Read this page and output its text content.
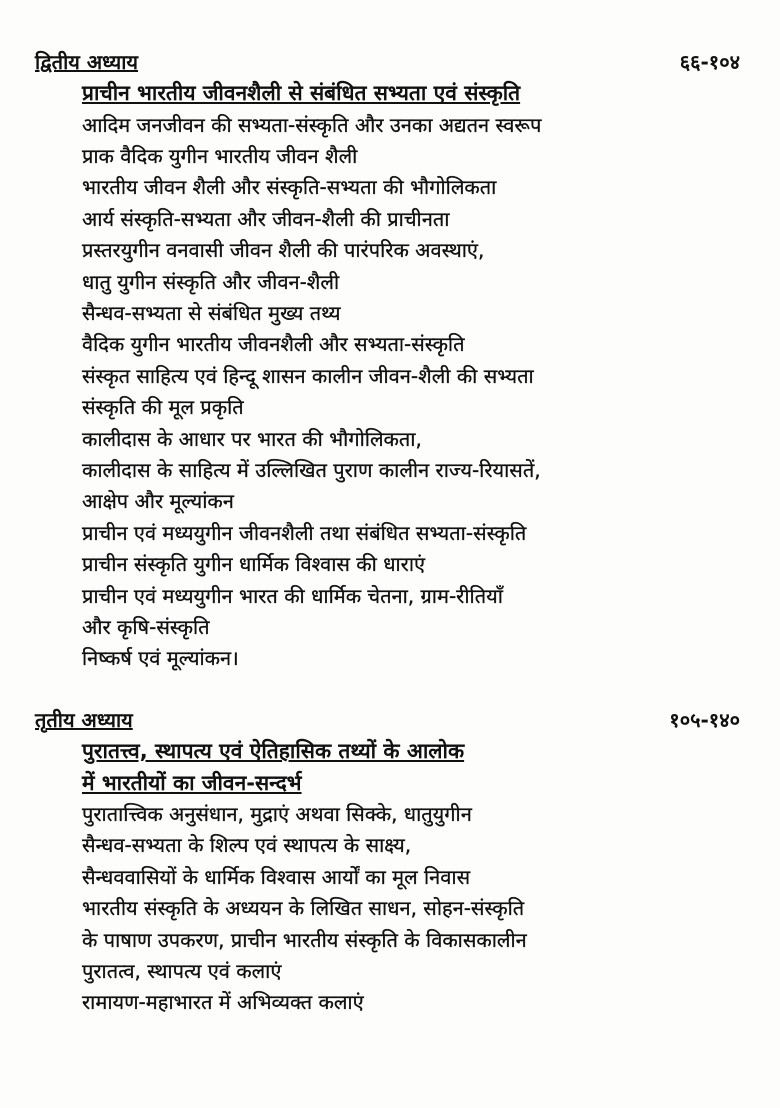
द्वितीय अध्याय	६६-१०४
प्राचीन भारतीय जीवनशैली से संबंधित सभ्यता एवं संस्कृति
आदिम जनजीवन की सभ्यता-संस्कृति और उनका अद्यतन स्वरूप
प्राक वैदिक युगीन भारतीय जीवन शैली
भारतीय जीवन शैली और संस्कृति-सभ्यता की भौगोलिकता
आर्य संस्कृति-सभ्यता और जीवन-शैली की प्राचीनता
प्रस्तरयुगीन वनवासी जीवन शैली की पारंपरिक अवस्थाएं,
धातु युगीन संस्कृति और जीवन-शैली
सैन्धव-सभ्यता से संबंधित मुख्य तथ्य
वैदिक युगीन भारतीय जीवनशैली और सभ्यता-संस्कृति
संस्कृत साहित्य एवं हिन्दू शासन कालीन जीवन-शैली की सभ्यता
संस्कृति की मूल प्रकृति
कालीदास के आधार पर भारत की भौगोलिकता,
कालीदास के साहित्य में उल्लिखित पुराण कालीन राज्य-रियासतें,
आक्षेप और मूल्यांकन
प्राचीन एवं मध्ययुगीन जीवनशैली तथा संबंधित सभ्यता-संस्कृति
प्राचीन संस्कृति युगीन धार्मिक विश्वास की धाराएं
प्राचीन एवं मध्ययुगीन भारत की धार्मिक चेतना, ग्राम-रीतियाँ
और कृषि-संस्कृति
निष्कर्ष एवं मूल्यांकन।
तृतीय अध्याय	१०५-१४०
पुरातत्त्व, स्थापत्य एवं ऐतिहासिक तथ्यों के आलोक
में भारतीयों का जीवन-सन्दर्भ
पुरातात्त्विक अनुसंधान, मुद्राएं अथवा सिक्के, धातुयुगीन
सैन्धव-सभ्यता के शिल्प एवं स्थापत्य के साक्ष्य,
सैन्धववासियों के धार्मिक विश्वास आर्यों का मूल निवास
भारतीय संस्कृति के अध्ययन के लिखित साधन, सोहन-संस्कृति
के पाषाण उपकरण, प्राचीन भारतीय संस्कृति के विकासकालीन
पुरातत्व, स्थापत्य एवं कलाएं
रामायण-महाभारत में अभिव्यक्त कलाएं
